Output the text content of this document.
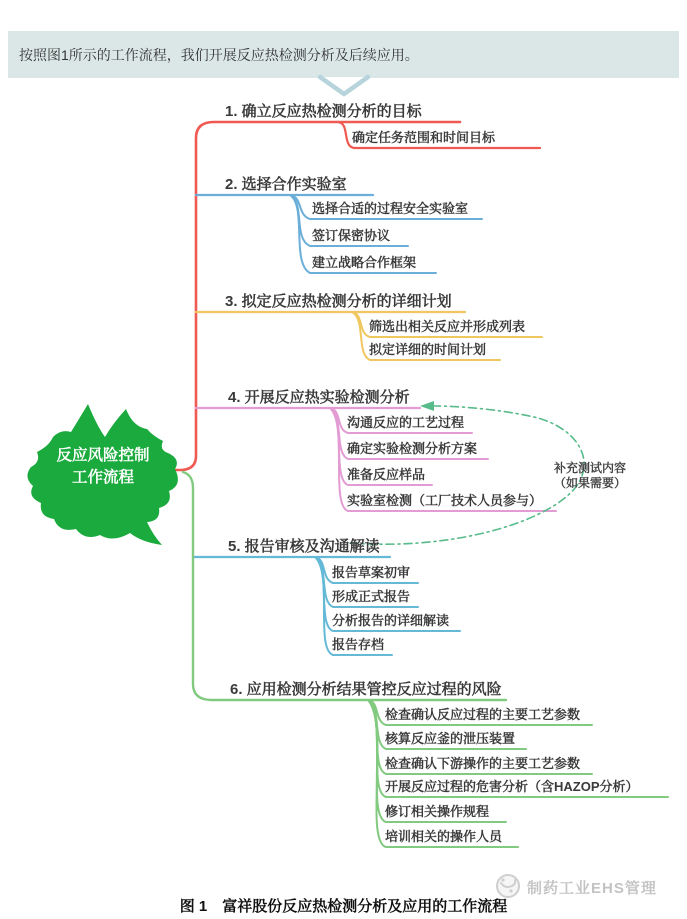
按照图1所示的工作流程，我们开展反应热检测分析及后续应用。
反应风险控制
工作流程
1. 确立反应热检测分析的目标
确定任务范围和时间目标
2. 选择合作实验室
选择合适的过程安全实验室
签订保密协议
建立战略合作框架
3. 拟定反应热检测分析的详细计划
筛选出相关反应并形成列表
拟定详细的时间计划
4. 开展反应热实验检测分析
沟通反应的工艺过程
确定实验检测分析方案
准备反应样品
实验室检测（工厂技术人员参与）
补充测试内容
（如果需要）
5. 报告审核及沟通解读
报告草案初审
形成正式报告
分析报告的详细解读
报告存档
6. 应用检测分析结果管控反应过程的风险
检查确认反应过程的主要工艺参数
核算反应釜的泄压装置
检查确认下游操作的主要工艺参数
开展反应过程的危害分析（含HAZOP分析）
修订相关操作规程
培训相关的操作人员
制药工业EHS管理
图 1　富祥股份反应热检测分析及应用的工作流程
